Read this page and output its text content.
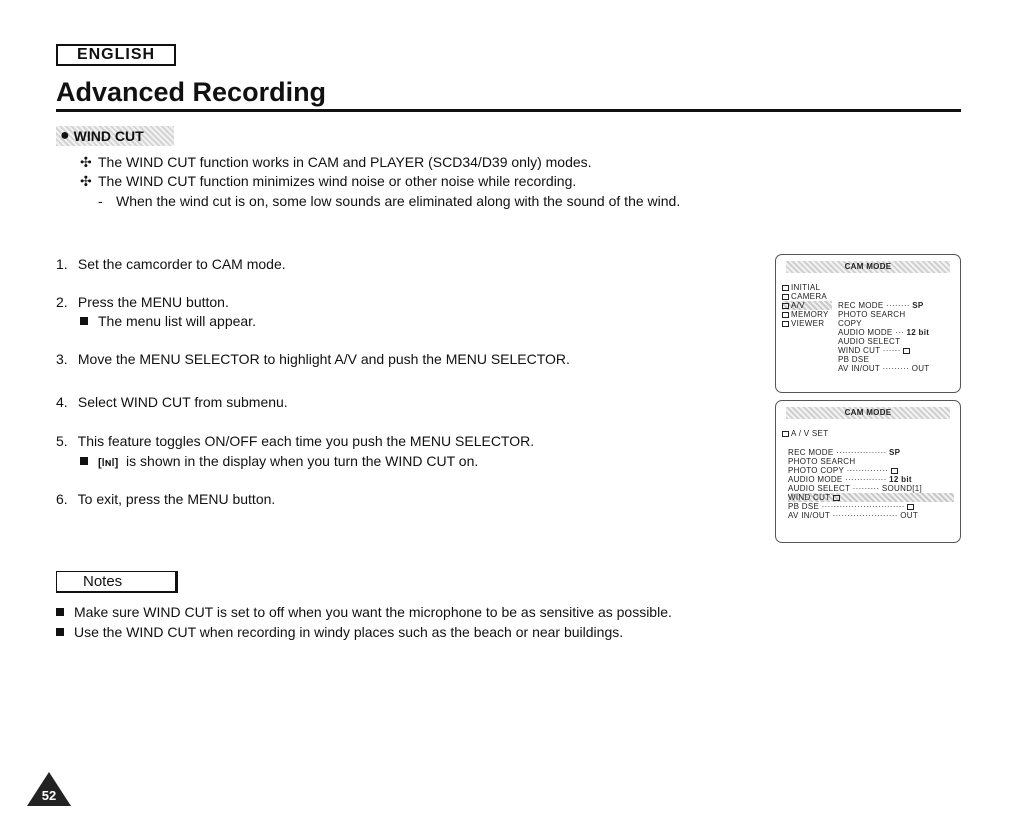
ENGLISH
Advanced Recording
● WIND CUT
✣ The WIND CUT function works in CAM and PLAYER (SCD34/D39 only) modes.
✣ The WIND CUT function minimizes wind noise or other noise while recording.
- When the wind cut is on, some low sounds are eliminated along with the sound of the wind.
1. Set the camcorder to CAM mode.
2. Press the MENU button.
The menu list will appear.
3. Move the MENU SELECTOR to highlight A/V and push the MENU SELECTOR.
4. Select WIND CUT from submenu.
5. This feature toggles ON/OFF each time you push the MENU SELECTOR.
[ǀɴǀ] is shown in the display when you turn the WIND CUT on.
6. To exit, press the MENU button.
CAM MODE
INITIAL
CAMERA
A/V
MEMORY
VIEWER
REC MODE ········ SP
PHOTO SEARCH
COPY
AUDIO MODE ··· 12 bit
AUDIO SELECT
WIND CUT ······
PB DSE
AV IN/OUT ········· OUT
CAM MODE
A / V SET
REC MODE ················· SP
PHOTO SEARCH
PHOTO COPY ··············
AUDIO MODE ·············· 12 bit
AUDIO SELECT ········· SOUND[1]
WIND CUT
PB DSE ····························
AV IN/OUT ······················ OUT
Notes
Make sure WIND CUT is set to off when you want the microphone to be as sensitive as possible.
Use the WIND CUT when recording in windy places such as the beach or near buildings.
52
